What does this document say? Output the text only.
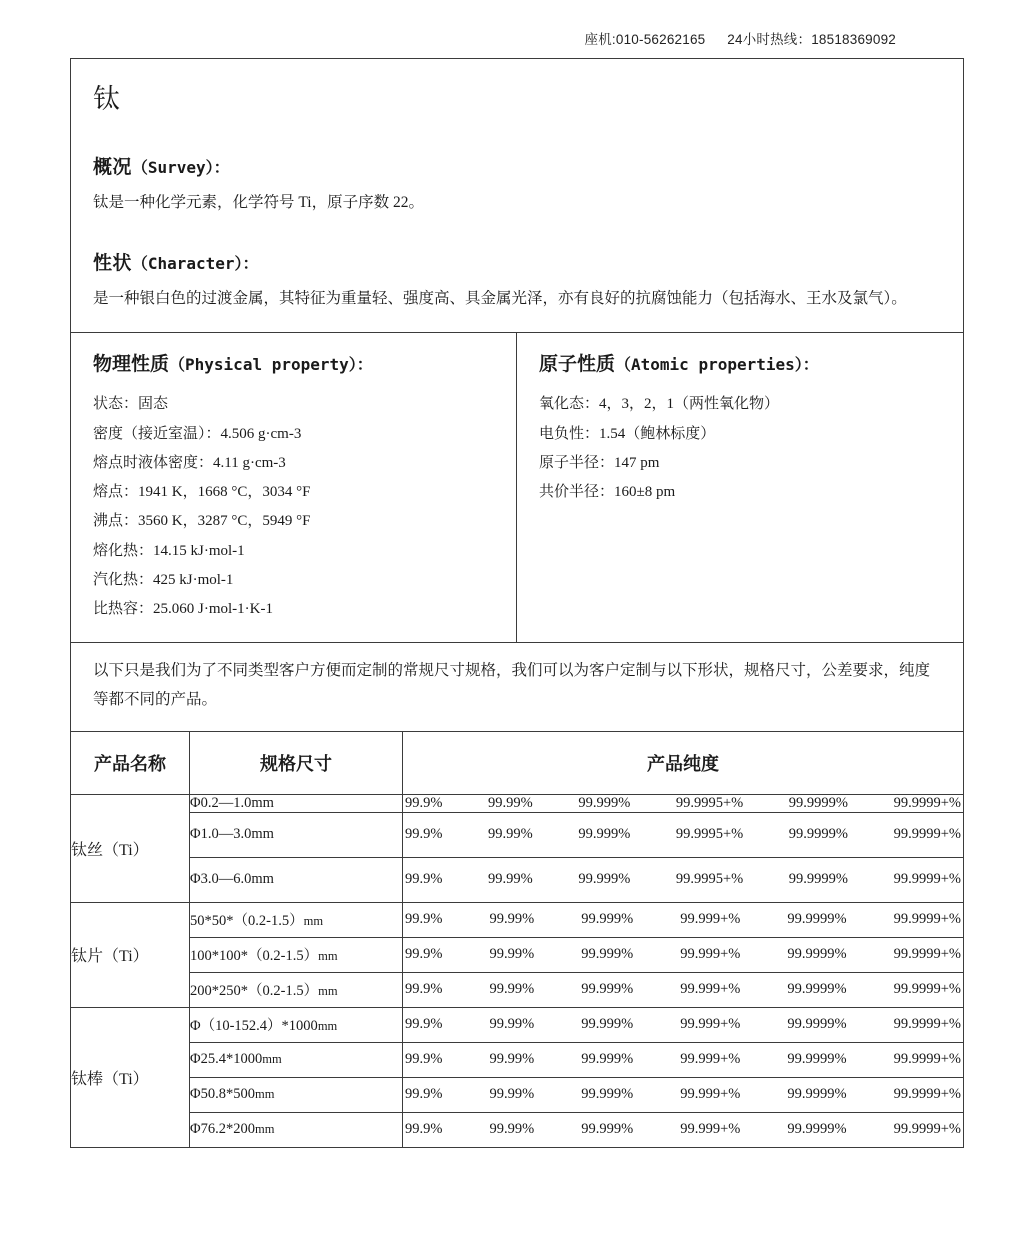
座机:010-56262165 24小时热线：18518369092
钛
概况（Survey）：

钛是一种化学元素，化学符号 Ti，原子序数 22。

性状（Character）：

是一种银白色的过渡金属，其特征为重量轻、强度高、具金属光泽，亦有良好的抗腐蚀能力（包括海水、王水及氯气）。

物理性质（Physical property）：
状态：固态
密度（接近室温）：4.506 g·cm-3
熔点时液体密度：4.11 g·cm-3
熔点：1941 K，1668 °C，3034 °F
沸点：3560 K，3287 °C，5949 °F
熔化热：14.15 kJ·mol-1
汽化热：425 kJ·mol-1
比热容：25.060 J·mol-1·K-1
原子性质（Atomic properties）：
氧化态：4，3，2，1（两性氧化物）
电负性：1.54（鲍林标度）
原子半径：147 pm
共价半径：160±8 pm

以下只是我们为了不同类型客户方便而定制的常规尺寸规格，我们可以为客户定制与以下形状，规格尺寸，公差要求，纯度等都不同的产品。

产品名称	规格尺寸	产品纯度

钛丝（Ti）	Φ0.2—1.0mm	99.9%	99.99%	99.999%	99.9995+%	99.9999%	99.9999+%

Φ1.0—3.0mm	99.9%	99.99%	99.999%	99.9995+%	99.9999%	99.9999+%

Φ3.0—6.0mm	99.9%	99.99%	99.999%	99.9995+%	99.9999%	99.9999+%

钛片（Ti）	50*50*（0.2-1.5）mm	99.9%	99.99%	99.999%	99.999+%	99.9999%	99.9999+%

100*100*（0.2-1.5）mm	99.9%	99.99%	99.999%	99.999+%	99.9999%	99.9999+%

200*250*（0.2-1.5）mm	99.9%	99.99%	99.999%	99.999+%	99.9999%	99.9999+%

钛棒（Ti）	Φ（10-152.4）*1000mm	99.9%	99.99%	99.999%	99.999+%	99.9999%	99.9999+%

Φ25.4*1000mm	99.9%	99.99%	99.999%	99.999+%	99.9999%	99.9999+%

Φ50.8*500mm	99.9%	99.99%	99.999%	99.999+%	99.9999%	99.9999+%

Φ76.2*200mm	99.9%	99.99%	99.999%	99.999+%	99.9999%	99.9999+%
